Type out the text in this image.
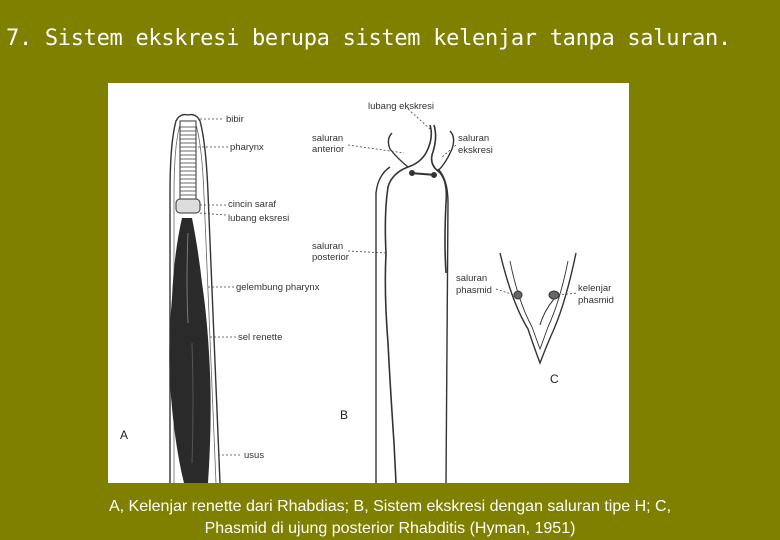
7. Sistem ekskresi berupa sistem kelenjar tanpa saluran.
bibir
pharynx
cincin saraf
lubang eksresi
gelembung pharynx
sel renette
usus
A
lubang ekskresi
saluran
anterior
saluran
ekskresi
saluran
posterior
B
saluran
phasmid	kelenjar
phasmid
C
A, Kelenjar renette dari Rhabdias; B, Sistem ekskresi dengan saluran tipe H; C,
Phasmid di ujung posterior Rhabditis (Hyman, 1951)
